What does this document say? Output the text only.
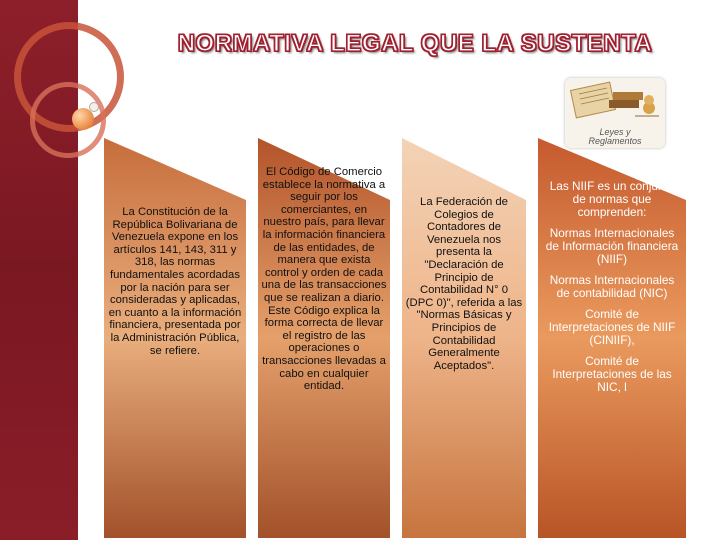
NORMATIVA LEGAL QUE LA SUSTENTA
Leyes y
Reglamentos
La Constitución de la República Bolivariana de Venezuela expone en los artículos 141, 143, 311 y 318, las normas fundamentales acordadas por la nación para ser consideradas y aplicadas, en cuanto a la información financiera, presentada por la Administración Pública, se refiere.
El Código de Comercio establece la normativa a seguir por los comerciantes, en nuestro país, para llevar la información financiera de las entidades, de manera que exista control y orden de cada una de las transacciones que se realizan a diario. Este Código explica la forma correcta de llevar el registro de las operaciones o transacciones llevadas a cabo en cualquier entidad.
La Federación de Colegios de Contadores de Venezuela nos presenta la "Declaración de Principio de Contabilidad N° 0 (DPC 0)", referida a las "Normas Básicas y Principios de Contabilidad Generalmente Aceptados".
Las NIIF es un conjunto de normas que comprenden:
Normas Internacionales de Información financiera (NIIF)
Normas Internacionales de contabilidad (NIC)
Comité de Interpretaciones de NIIF (CINIIF),
Comité de Interpretaciones de las NIC, l
